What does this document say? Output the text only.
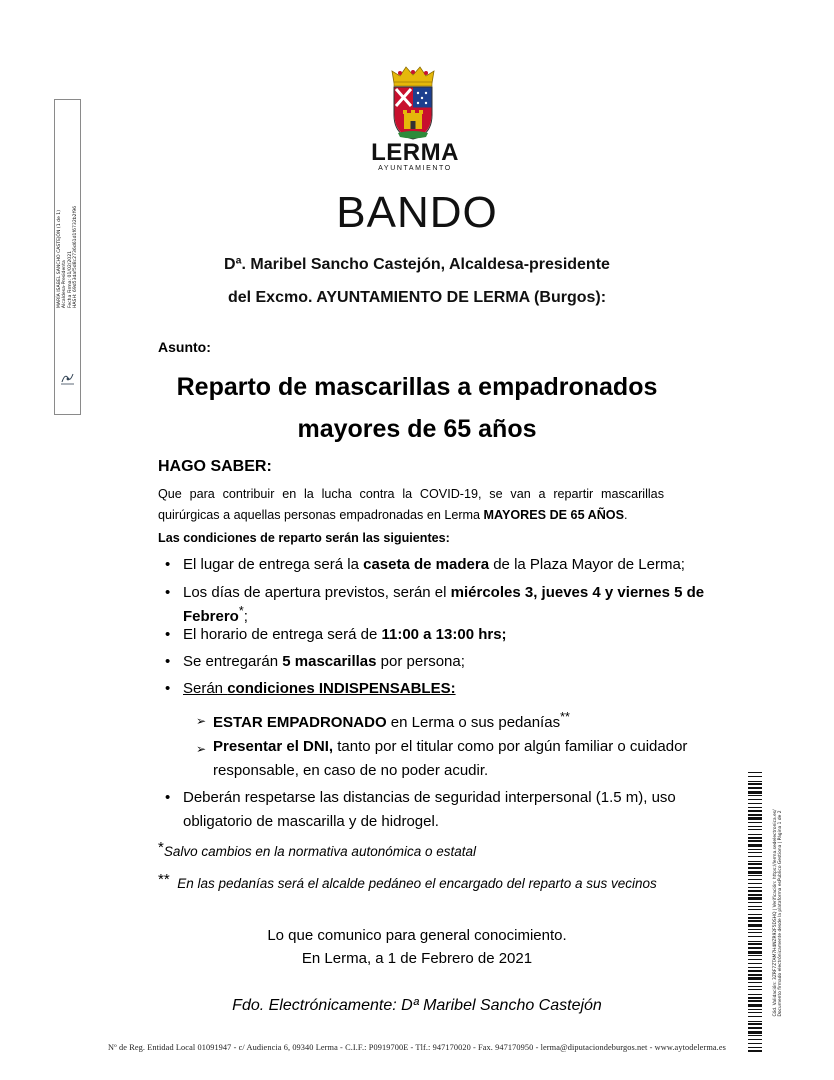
MARÍA ISABEL SANCHO CASTEJÓN (1 de 1) Alcaldesa-Presidenta Fecha Firma: 01/02/2021 HASH: 69d53daf5d8c2736d61d1f6732b2f96
LERMA
AYUNTAMIENTO
BANDO
Dª. Maribel Sancho Castejón, Alcaldesa-presidente
del Excmo. AYUNTAMIENTO DE LERMA (Burgos):
Asunto:
Reparto de mascarillas a empadronados
mayores de 65 años
HAGO SABER:
Que para contribuir en la lucha contra la COVID-19, se van a repartir mascarillas quirúrgicas a aquellas personas empadronadas en Lerma MAYORES DE 65 AÑOS.
Las condiciones de reparto serán las siguientes:
• El lugar de entrega será la caseta de madera de la Plaza Mayor de Lerma;
• Los días de apertura previstos, serán el miércoles 3, jueves 4 y viernes 5 de
Febrero*;
• El horario de entrega será de 11:00 a 13:00 hrs;
• Se entregarán 5 mascarillas por persona;
• Serán condiciones INDISPENSABLES:
➢ ESTAR EMPADRONADO en Lerma o sus pedanías**
➢ Presentar el DNI, tanto por el titular como por algún familiar o cuidador
responsable, en caso de no poder acudir.
• Deberán respetarse las distancias de seguridad interpersonal (1.5 m), uso
obligatorio de mascarilla y de hidrogel.
*Salvo cambios en la normativa autonómica o estatal
** En las pedanías será el alcalde pedáneo el encargado del reparto a sus vecinos
Lo que comunico para general conocimiento.
En Lerma, a 1 de Febrero de 2021
Fdo. Electrónicamente: Dª Maribel Sancho Castejón
Nº de Reg. Entidad Local 01091947 - c/ Audiencia 6, 09340 Lerma - C.I.F.: P0919700E - Tlf.: 947170020 - Fax. 947170950 - lerma@diputaciondeburgos.net - www.aytodelerma.es
Cód. Validación: 3ZRF7ZTAM7H4NZR92F5DSHQ | Verificación: https://lerma.sedelectronica.es/ Documento firmado electrónicamente desde la plataforma esPublico Gestiona | Página 1 de 2
